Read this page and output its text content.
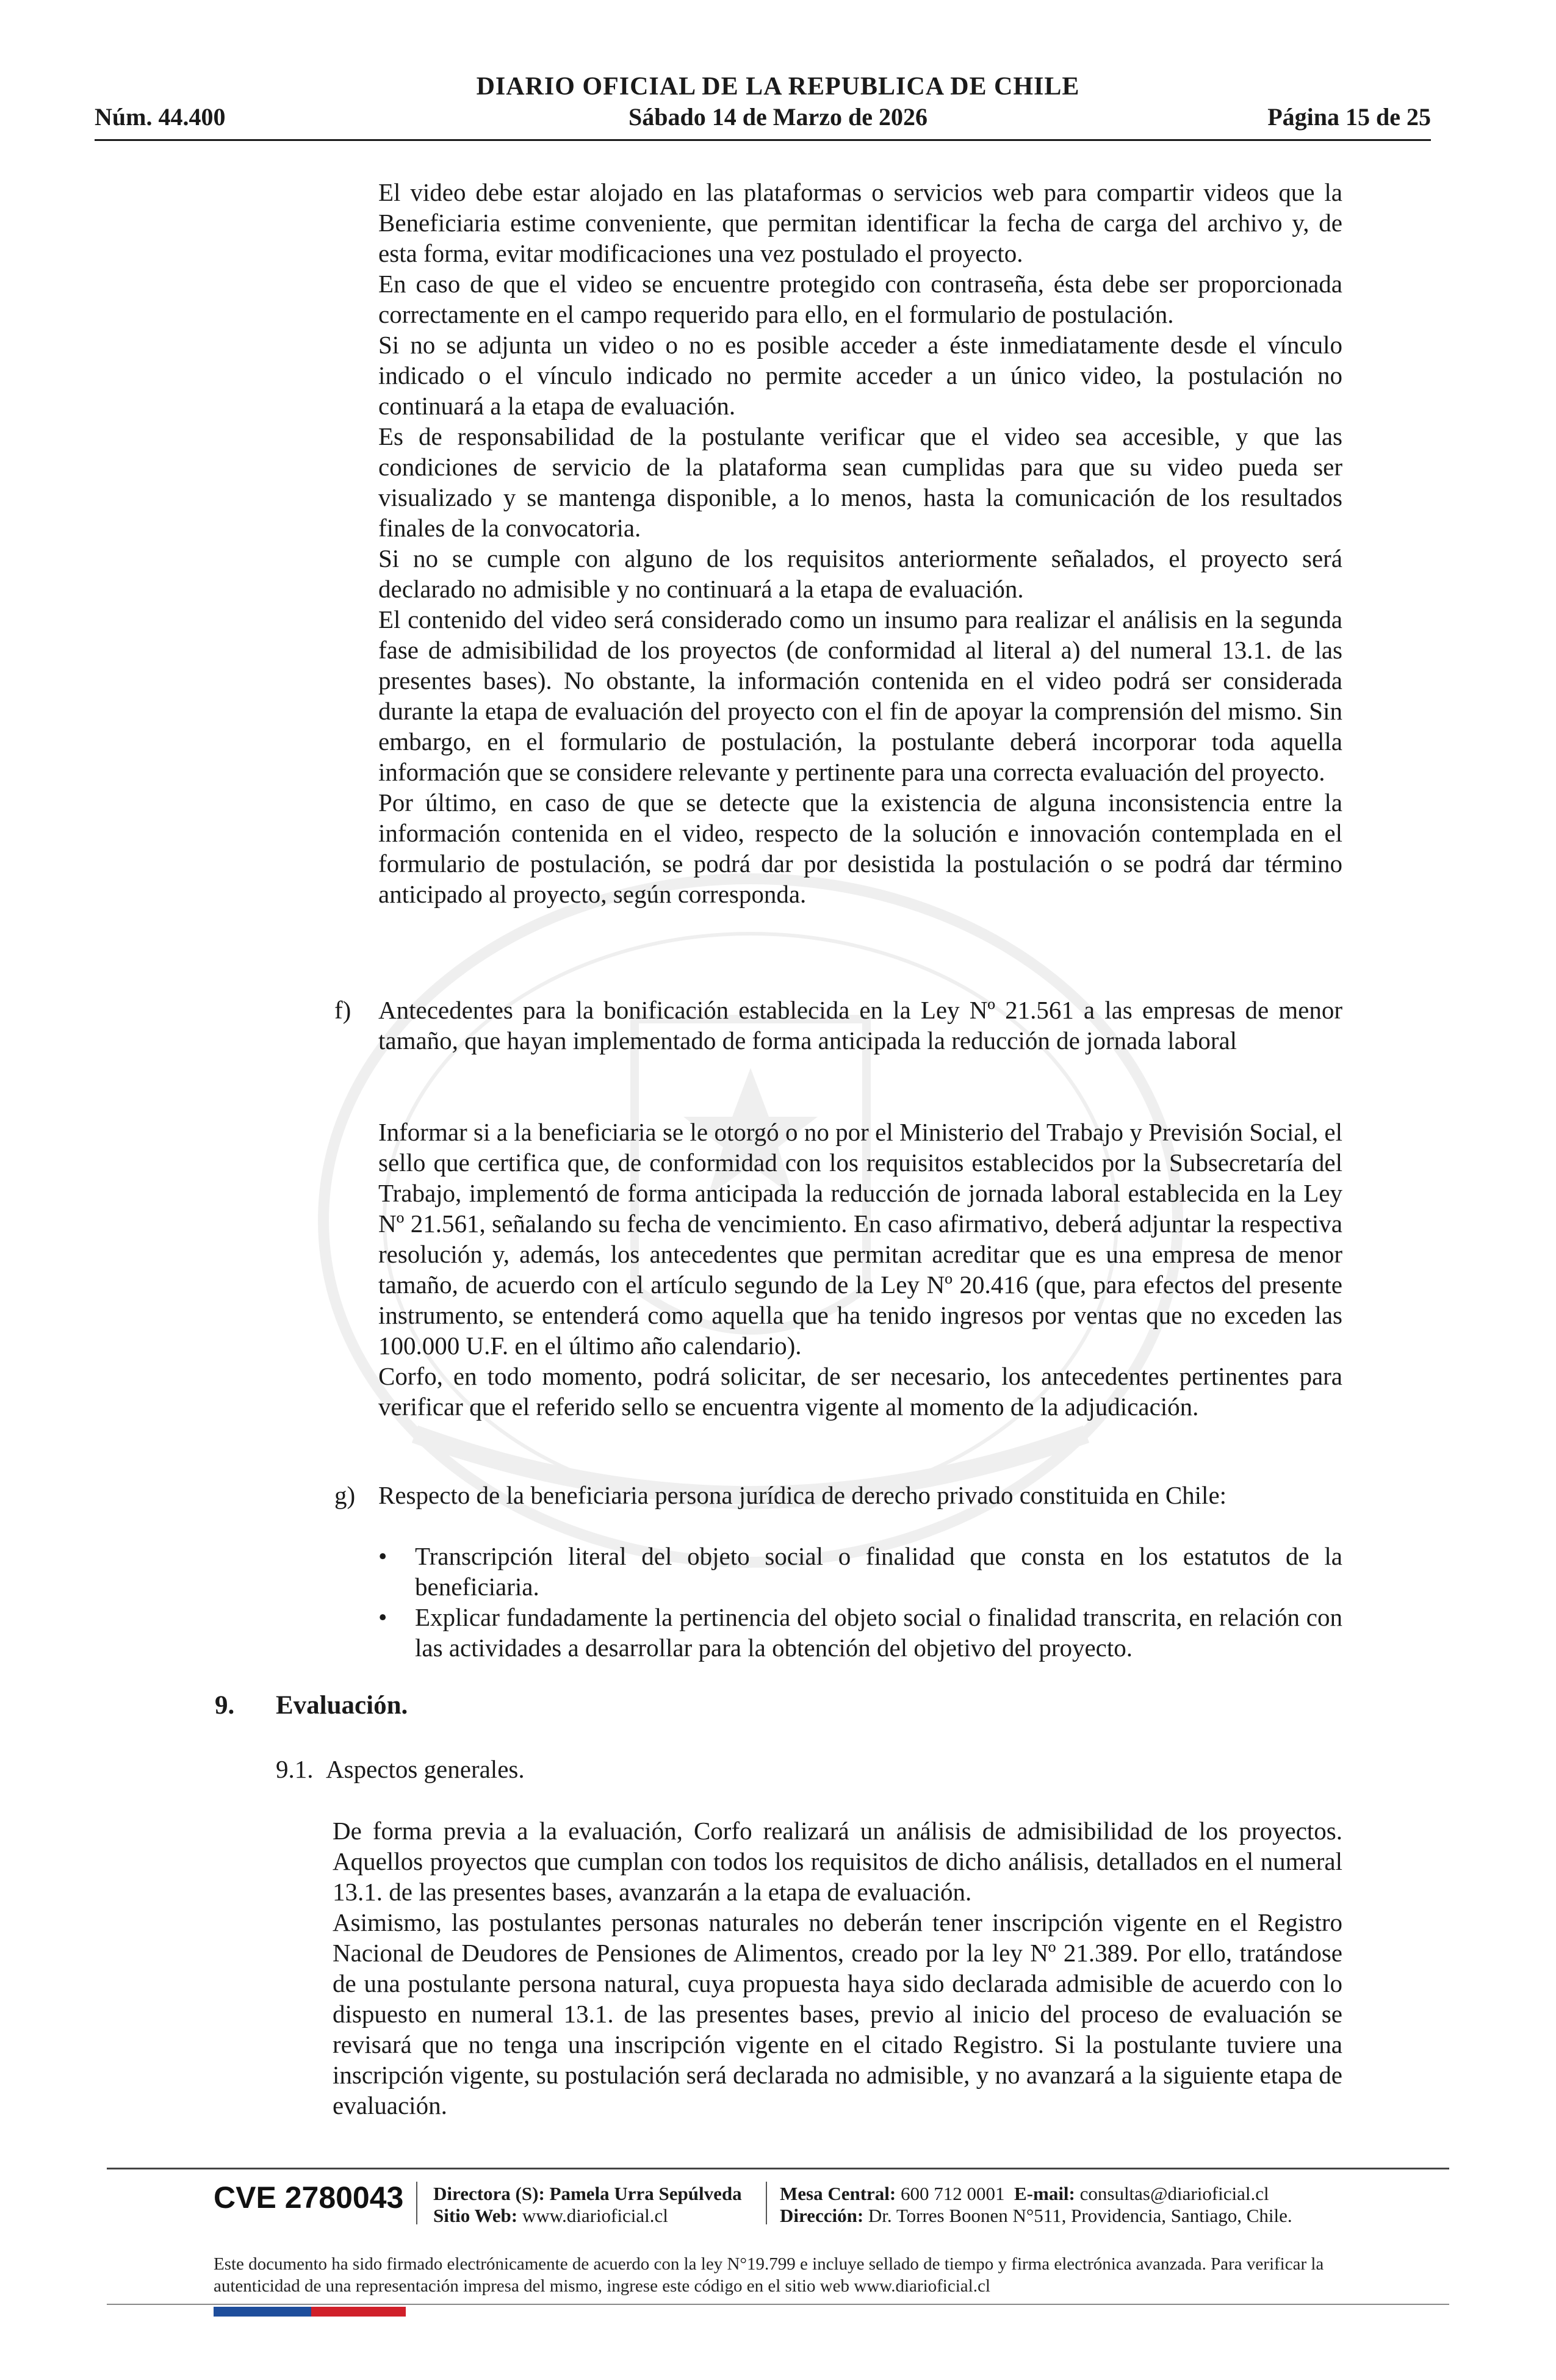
DIARIO OFICIAL DE LA REPUBLICA DE CHILE
Núm. 44.400	Sábado 14 de Marzo de 2026	Página 15 de 25

El video debe estar alojado en las plataformas o servicios web para compartir videos que la Beneficiaria estime conveniente, que permitan identificar la fecha de carga del archivo y, de esta forma, evitar modificaciones una vez postulado el proyecto.

En caso de que el video se encuentre protegido con contraseña, ésta debe ser proporcionada correctamente en el campo requerido para ello, en el formulario de postulación.

Si no se adjunta un video o no es posible acceder a éste inmediatamente desde el vínculo indicado o el vínculo indicado no permite acceder a un único video, la postulación no continuará a la etapa de evaluación.

Es de responsabilidad de la postulante verificar que el video sea accesible, y que las condiciones de servicio de la plataforma sean cumplidas para que su video pueda ser visualizado y se mantenga disponible, a lo menos, hasta la comunicación de los resultados finales de la convocatoria.

Si no se cumple con alguno de los requisitos anteriormente señalados, el proyecto será declarado no admisible y no continuará a la etapa de evaluación.

El contenido del video será considerado como un insumo para realizar el análisis en la segunda fase de admisibilidad de los proyectos (de conformidad al literal a) del numeral 13.1. de las presentes bases). No obstante, la información contenida en el video podrá ser considerada durante la etapa de evaluación del proyecto con el fin de apoyar la comprensión del mismo. Sin embargo, en el formulario de postulación, la postulante deberá incorporar toda aquella información que se considere relevante y pertinente para una correcta evaluación del proyecto.

Por último, en caso de que se detecte que la existencia de alguna inconsistencia entre la información contenida en el video, respecto de la solución e innovación contemplada en el formulario de postulación, se podrá dar por desistida la postulación o se podrá dar término anticipado al proyecto, según corresponda.

f) Antecedentes para la bonificación establecida en la Ley Nº 21.561 a las empresas de menor tamaño, que hayan implementado de forma anticipada la reducción de jornada laboral

Informar si a la beneficiaria se le otorgó o no por el Ministerio del Trabajo y Previsión Social, el sello que certifica que, de conformidad con los requisitos establecidos por la Subsecretaría del Trabajo, implementó de forma anticipada la reducción de jornada laboral establecida en la Ley Nº 21.561, señalando su fecha de vencimiento. En caso afirmativo, deberá adjuntar la respectiva resolución y, además, los antecedentes que permitan acreditar que es una empresa de menor tamaño, de acuerdo con el artículo segundo de la Ley Nº 20.416 (que, para efectos del presente instrumento, se entenderá como aquella que ha tenido ingresos por ventas que no exceden las 100.000 U.F. en el último año calendario).

Corfo, en todo momento, podrá solicitar, de ser necesario, los antecedentes pertinentes para verificar que el referido sello se encuentra vigente al momento de la adjudicación.

g) Respecto de la beneficiaria persona jurídica de derecho privado constituida en Chile:

• Transcripción literal del objeto social o finalidad que consta en los estatutos de la beneficiaria.
• Explicar fundadamente la pertinencia del objeto social o finalidad transcrita, en relación con las actividades a desarrollar para la obtención del objetivo del proyecto.
9. Evaluación.
9.1. Aspectos generales.

De forma previa a la evaluación, Corfo realizará un análisis de admisibilidad de los proyectos. Aquellos proyectos que cumplan con todos los requisitos de dicho análisis, detallados en el numeral 13.1. de las presentes bases, avanzarán a la etapa de evaluación.

Asimismo, las postulantes personas naturales no deberán tener inscripción vigente en el Registro Nacional de Deudores de Pensiones de Alimentos, creado por la ley Nº 21.389. Por ello, tratándose de una postulante persona natural, cuya propuesta haya sido declarada admisible de acuerdo con lo dispuesto en numeral 13.1. de las presentes bases, previo al inicio del proceso de evaluación se revisará que no tenga una inscripción vigente en el citado Registro. Si la postulante tuviere una inscripción vigente, su postulación será declarada no admisible, y no avanzará a la siguiente etapa de evaluación.

CVE 2780043 Directora (S): Pamela Urra Sepúlveda
Sitio Web: www.diarioficial.cl
Mesa Central: 600 712 0001 E-mail: consultas@diarioficial.cl
Dirección: Dr. Torres Boonen N°511, Providencia, Santiago, Chile.
Este documento ha sido firmado electrónicamente de acuerdo con la ley N°19.799 e incluye sellado de tiempo y firma electrónica avanzada. Para verificar la autenticidad de una representación impresa del mismo, ingrese este código en el sitio web www.diarioficial.cl
